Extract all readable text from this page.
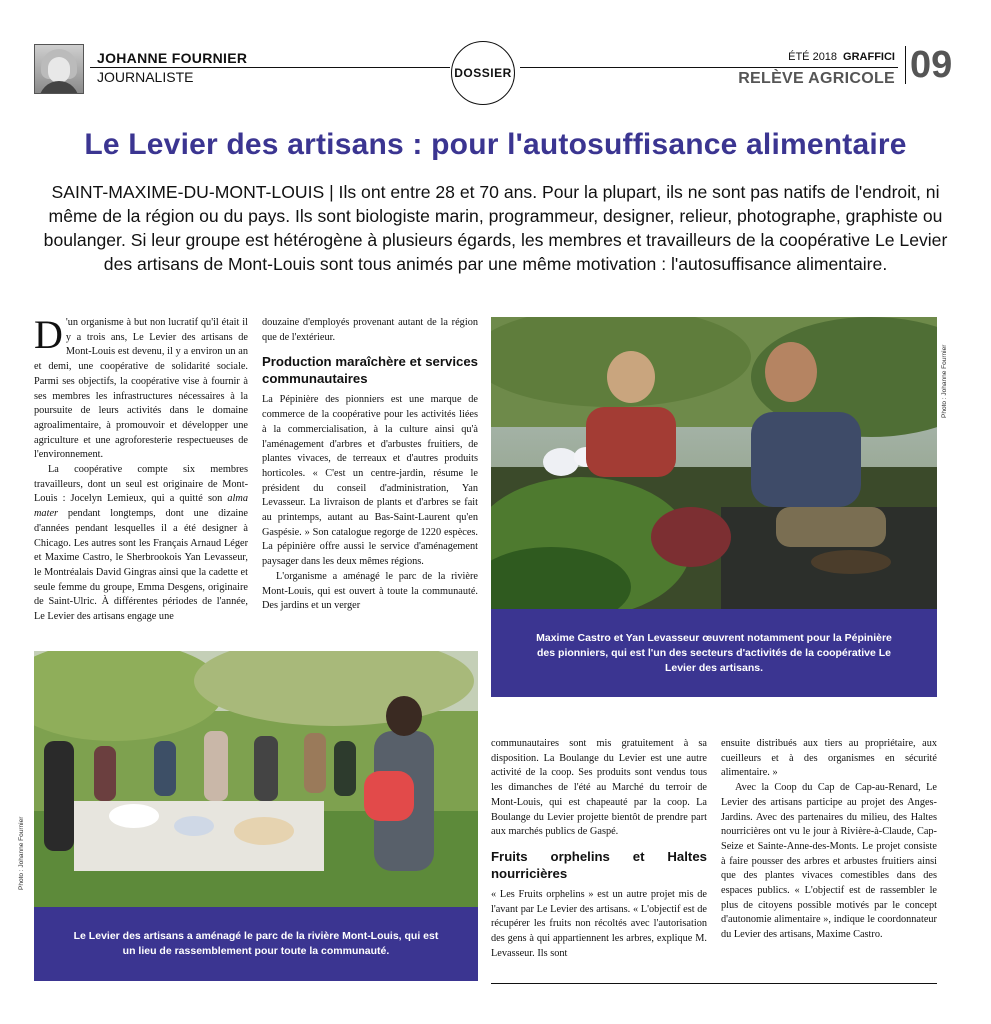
JOHANNE FOURNIER
JOURNALISTE	DOSSIER
ÉTÉ 2018 GRAFFICI
RELÈVE AGRICOLE 09
Le Levier des artisans : pour l'autosuffisance alimentaire
SAINT-MAXIME-DU-MONT-LOUIS | Ils ont entre 28 et 70 ans. Pour la plupart, ils ne sont pas natifs de l'endroit, ni même de la région ou du pays. Ils sont biologiste marin, programmeur, designer, relieur, photographe, graphiste ou boulanger. Si leur groupe est hétérogène à plusieurs égards, les membres et travailleurs de la coopérative Le Levier des artisans de Mont-Louis sont tous animés par une même motivation : l'autosuffisance alimentaire.

D 'un organisme à but non lucratif qu'il était il y a trois ans, Le Levier des artisans de Mont-Louis est devenu, il y a environ un an et demi, une coopérative de solidarité sociale. Parmi ses objectifs, la coopérative vise à fournir à ses membres les infrastructures nécessaires à la poursuite de leurs activités dans le domaine agroalimentaire, à promouvoir et développer une agriculture et une agroforesterie respectueuses de l'environnement.

La coopérative compte six membres travailleurs, dont un seul est originaire de Mont-Louis : Jocelyn Lemieux, qui a quitté son alma mater pendant longtemps, dont une dizaine d'années pendant lesquelles il a été designer à Chicago. Les autres sont les Français Arnaud Léger et Maxime Castro, le Sherbrookois Yan Levasseur, le Montréalais David Gingras ainsi que la cadette et seule femme du groupe, Emma Desgens, originaire de Saint-Ulric. À différentes périodes de l'année, Le Levier des artisans engage une

douzaine d'employés provenant autant de la région que de l'extérieur.

Production maraîchère et services communautaires

La Pépinière des pionniers est une marque de commerce de la coopérative pour les activités liées à la commercialisation, à la culture ainsi qu'à l'aménagement d'arbres et d'arbustes fruitiers, de plantes vivaces, de terreaux et d'autres produits horticoles. « C'est un centre-jardin, résume le président du conseil d'administration, Yan Levasseur. La livraison de plants et d'arbres se fait au printemps, autant au Bas-Saint-Laurent qu'en Gaspésie. » Son catalogue regorge de 1220 espèces. La pépinière offre aussi le service d'aménagement paysager dans les deux mêmes régions.

L'organisme a aménagé le parc de la rivière Mont-Louis, qui est ouvert à toute la communauté. Des jardins et un verger

Photo : Johanne Fournier
Maxime Castro et Yan Levasseur œuvrent notamment pour la Pépinière des pionniers, qui est l'un des secteurs d'activités de la coopérative Le Levier des artisans.
Photo : Johanne Fournier
Le Levier des artisans a aménagé le parc de la rivière Mont-Louis, qui est un lieu de rassemblement pour toute la communauté.

communautaires sont mis gratuitement à sa disposition. La Boulange du Levier est une autre activité de la coop. Ses produits sont vendus tous les dimanches de l'été au Marché du terroir de Mont-Louis, qui est chapeauté par la coop. La Boulange du Levier projette bientôt de prendre part aux marchés publics de Gaspé.

Fruits orphelins et Haltes nourricières

« Les Fruits orphelins » est un autre projet mis de l'avant par Le Levier des artisans. « L'objectif est de récupérer les fruits non récoltés avec l'autorisation des gens à qui appartiennent les arbres, explique M. Levasseur. Ils sont

ensuite distribués aux tiers au propriétaire, aux cueilleurs et à des organismes en sécurité alimentaire. »

Avec la Coop du Cap de Cap-au-Renard, Le Levier des artisans participe au projet des Anges-Jardins. Avec des partenaires du milieu, des Haltes nourricières ont vu le jour à Rivière-à-Claude, Cap-Seize et Sainte-Anne-des-Monts. Le projet consiste à faire pousser des arbres et arbustes fruitiers ainsi que des plantes vivaces comestibles dans des espaces publics. « L'objectif est de rassembler le plus de citoyens possible motivés par le concept d'autonomie alimentaire », indique le coordonnateur du Levier des artisans, Maxime Castro.
